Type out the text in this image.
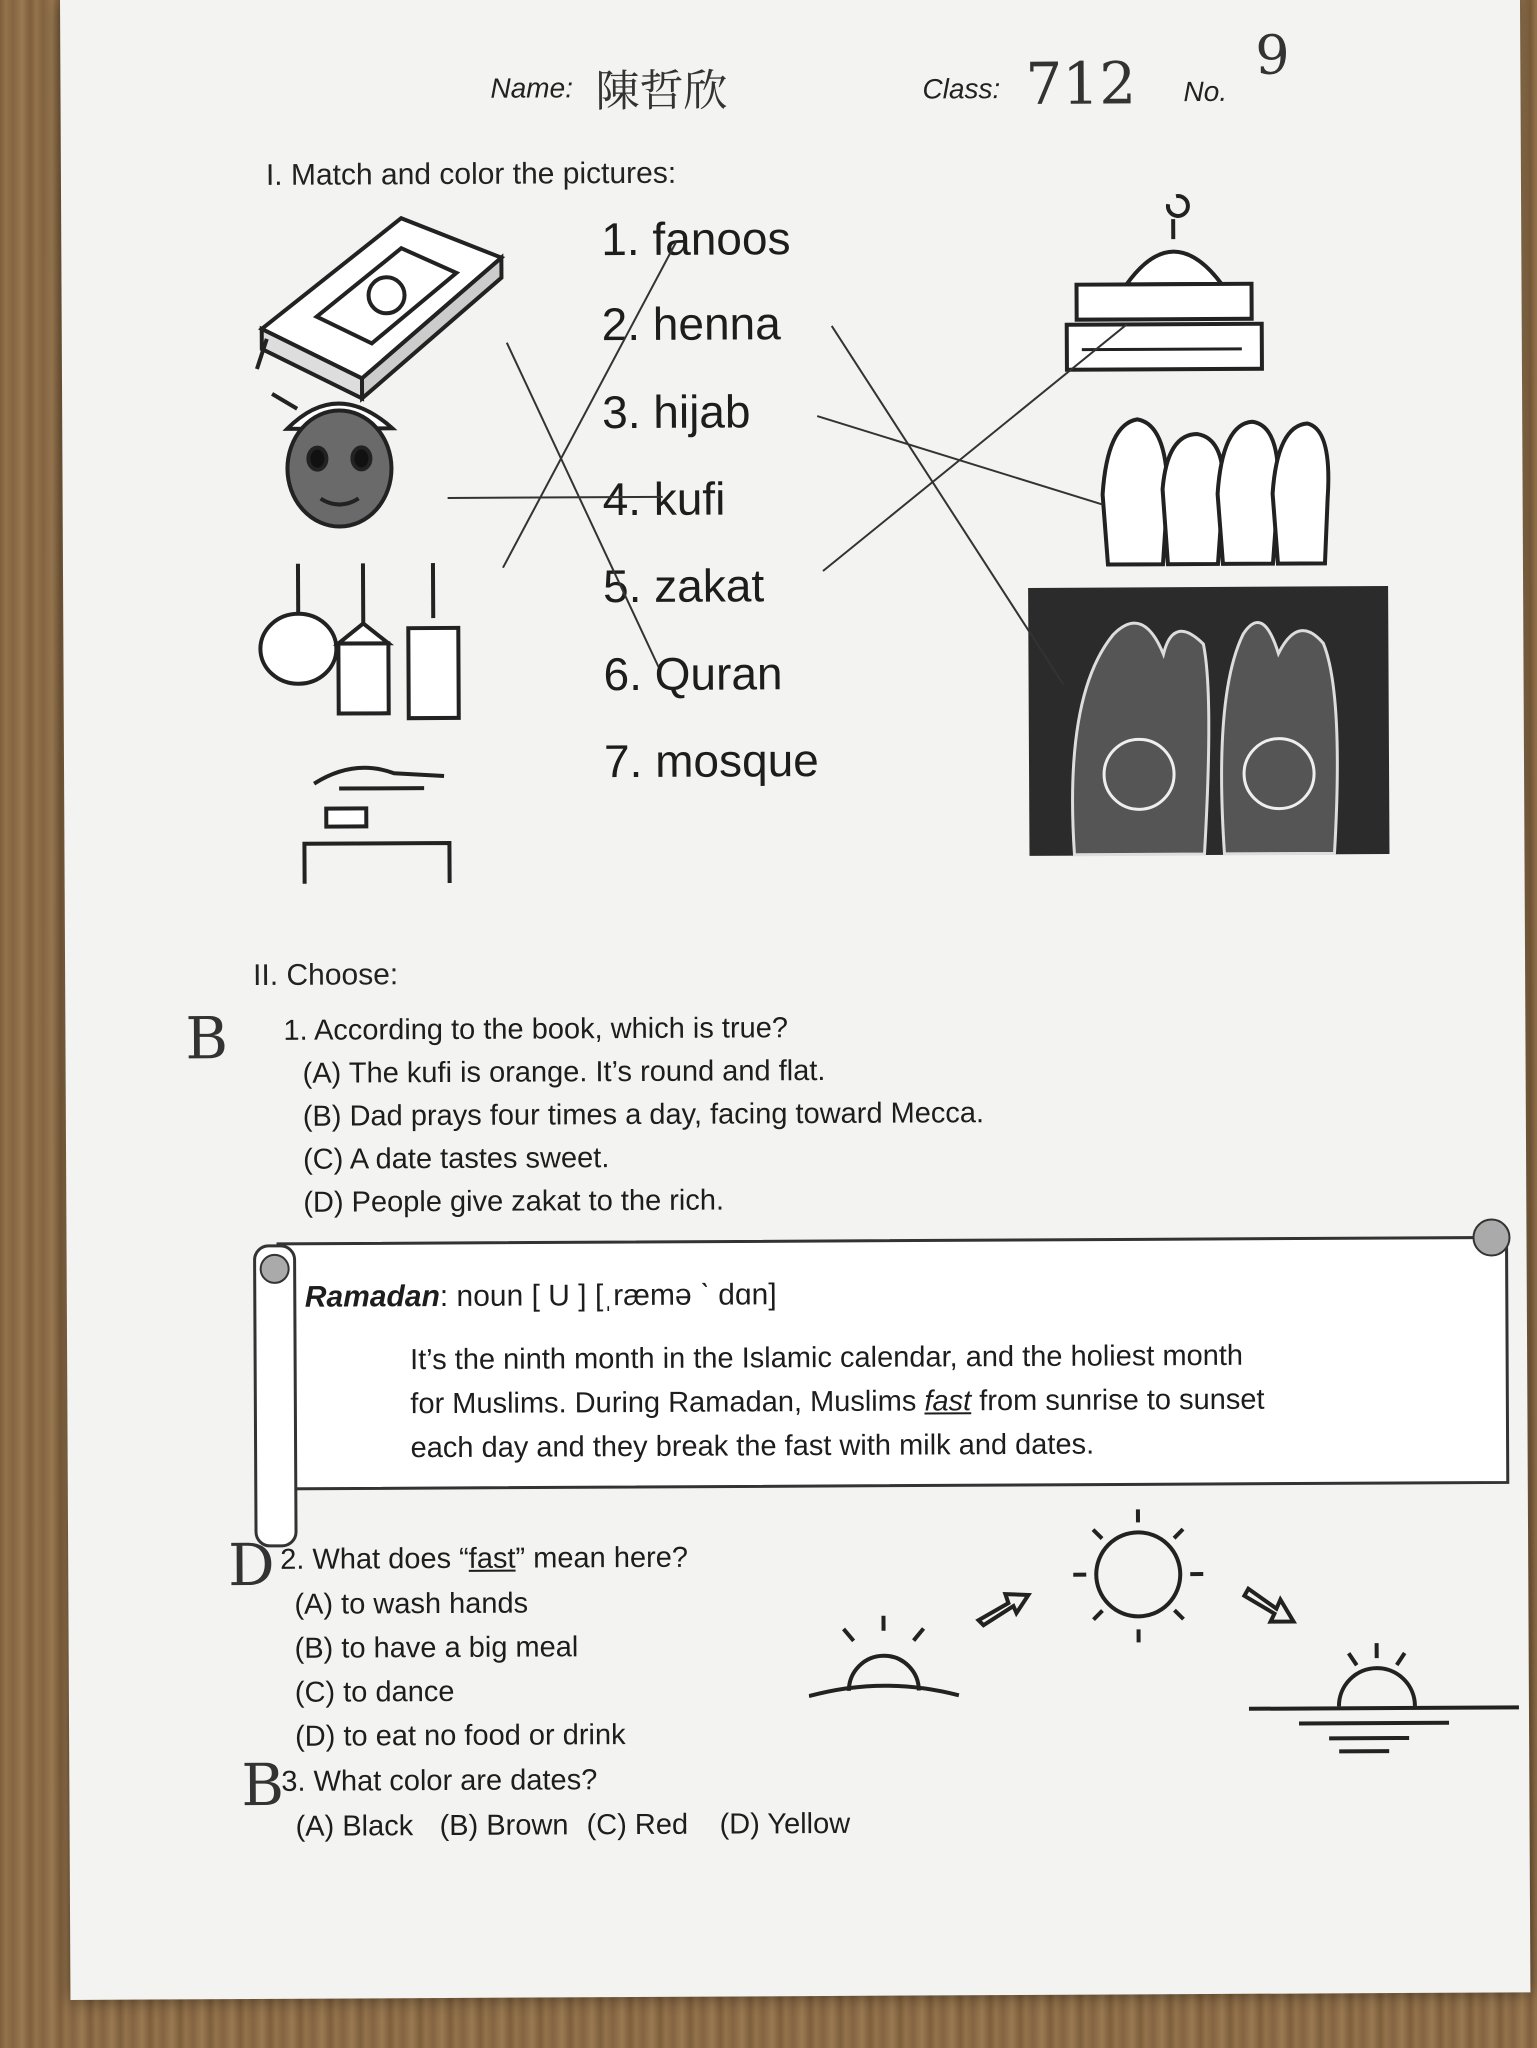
Name: 陳哲欣	Class: 712 No.
9
I. Match and color the pictures:
1. fanoos
2. henna
3. hijab
4. kufi
5. zakat
6. Quran
7. mosque
II. Choose:
B 1. According to the book, which is true?
(A) The kufi is orange. It’s round and flat.
(B) Dad prays four times a day, facing toward Mecca.
(C) A date tastes sweet.
(D) People give zakat to the rich.
Ramadan: noun [ U ] [ˌræmə ˋ dɑn]
It’s the ninth month in the Islamic calendar, and the holiest month
for Muslims. During Ramadan, Muslims fast from sunrise to sunset
each day and they break the fast with milk and dates.
D 2. What does “fast” mean here?
(A) to wash hands
(B) to have a big meal
(C) to dance
(D) to eat no food or drink
B
3. What color are dates?
(A) Black (B) Brown (C) Red (D) Yellow
